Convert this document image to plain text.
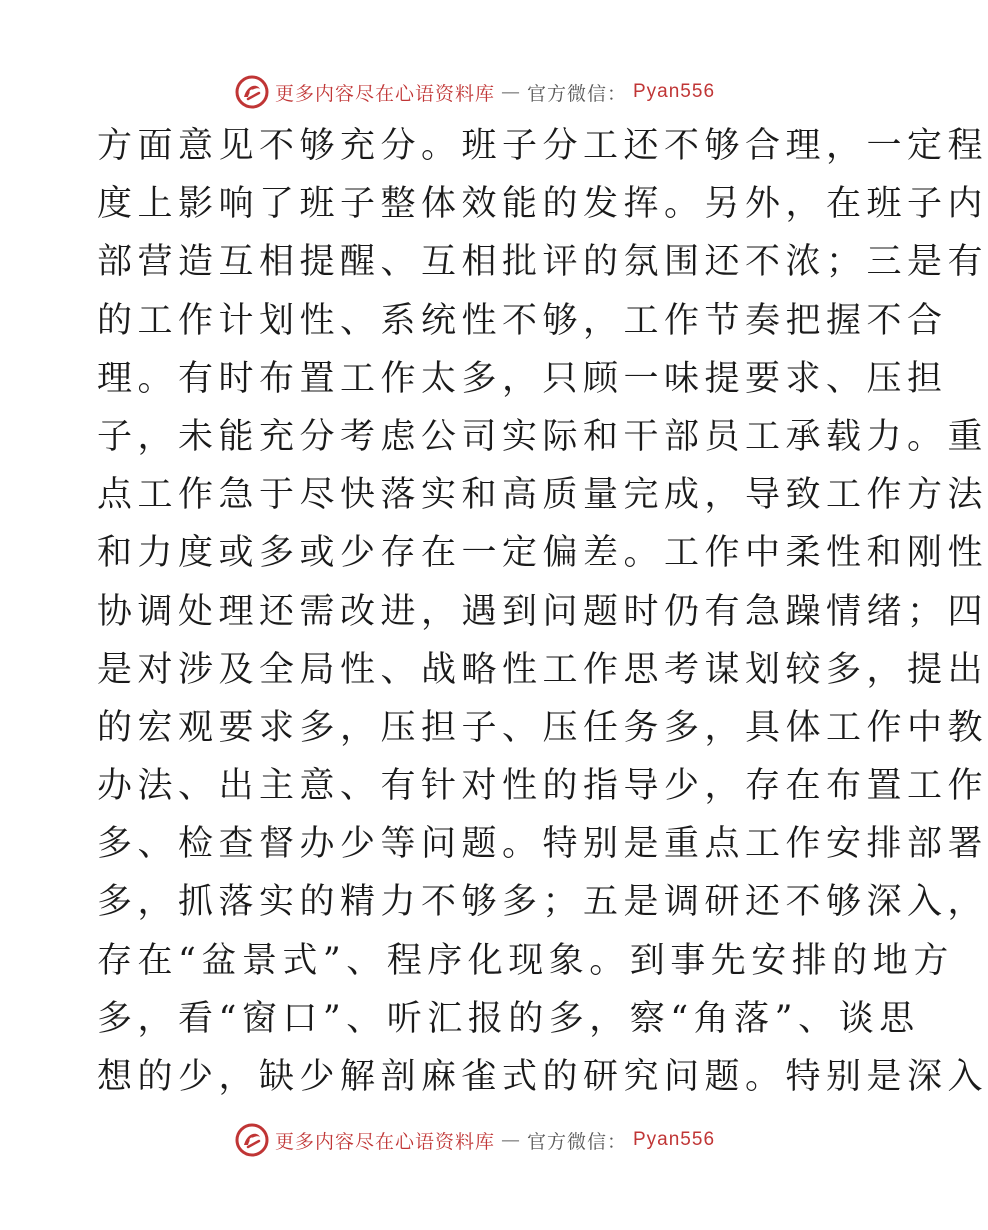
更多内容尽在心语资料库 — 官方微信： Pyan556
方面意见不够充分。班子分工还不够合理，一定程
度上影响了班子整体效能的发挥。另外，在班子内
部营造互相提醒、互相批评的氛围还不浓；三是有
的工作计划性、系统性不够，工作节奏把握不合
理。有时布置工作太多，只顾一味提要求、压担
子，未能充分考虑公司实际和干部员工承载力。重
点工作急于尽快落实和高质量完成，导致工作方法
和力度或多或少存在一定偏差。工作中柔性和刚性
协调处理还需改进，遇到问题时仍有急躁情绪；四
是对涉及全局性、战略性工作思考谋划较多，提出
的宏观要求多，压担子、压任务多，具体工作中教
办法、出主意、有针对性的指导少，存在布置工作
多、检查督办少等问题。特别是重点工作安排部署
多，抓落实的精力不够多；五是调研还不够深入，
存在“盆景式”、程序化现象。到事先安排的地方
多，看“窗口”、听汇报的多，察“角落”、谈思
想的少，缺少解剖麻雀式的研究问题。特别是深入
更多内容尽在心语资料库 — 官方微信： Pyan556
